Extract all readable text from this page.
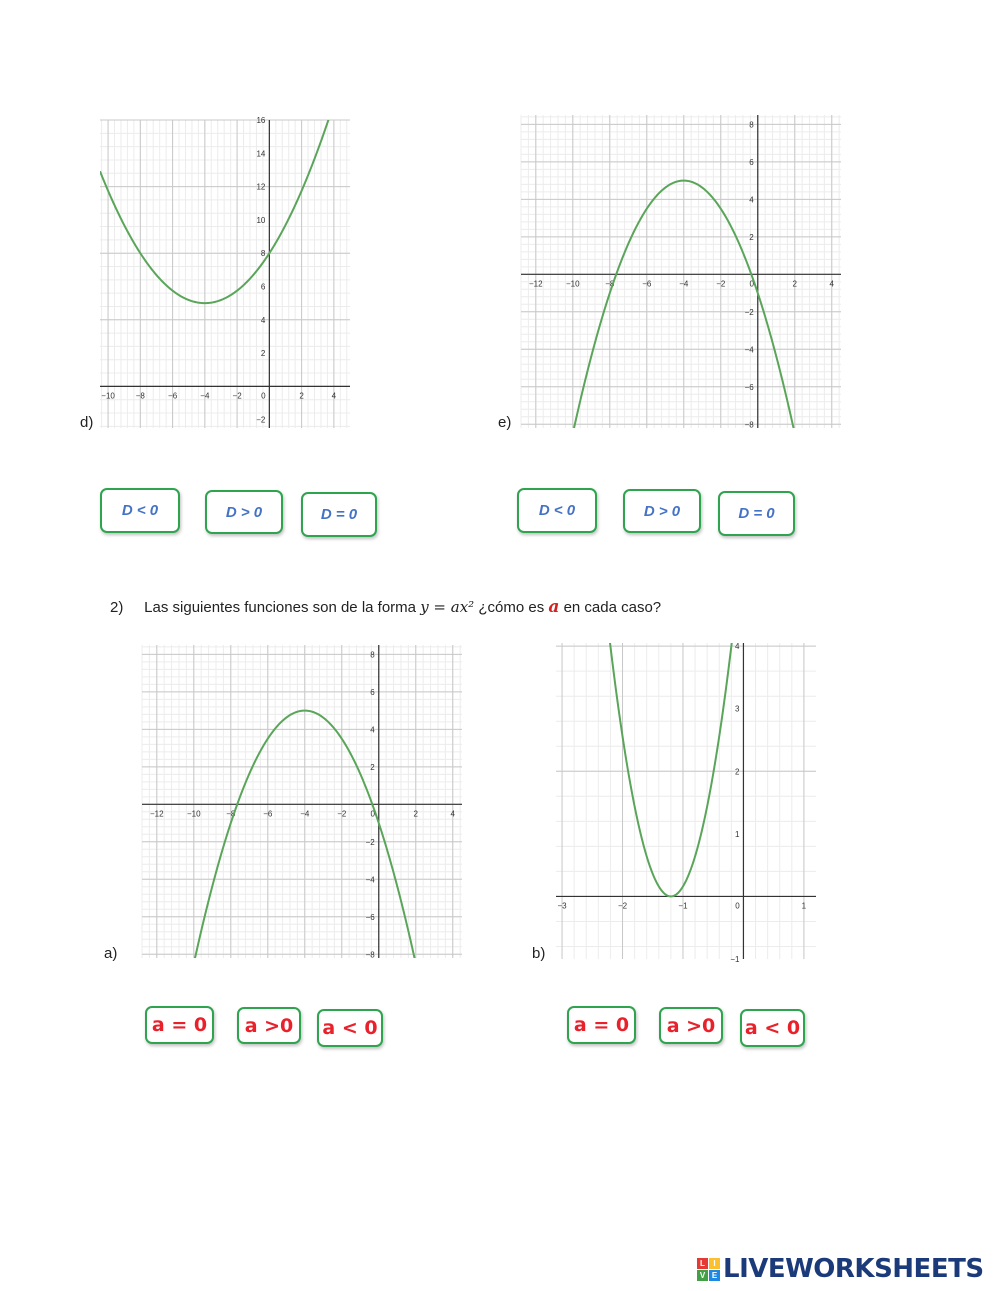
−10	−8	−6	−4	−2 0	2	4
−2
2
4
6
8
10
12
14
16
d)
−12	−10	−8	−6	−4	−2	0	2	4
−8
−6
−4
−2
2
4
6
8
e)
D < 0	D > 0	D = 0	D < 0	D > 0	D = 0
2) Las siguientes funciones son de la forma y = ax² ¿cómo es a en cada caso?
−12	−10	−8	−6	−4	−2	0	2	4
−8
−6
−4
−2
2
4
6
8
a)
−3	−2	−1	0	1
−1
1
2
3
4
b)
a = 0 a >0 a < 0	a = 0 a >0 a < 0
L	I
V E LIVEWORKSHEETS
